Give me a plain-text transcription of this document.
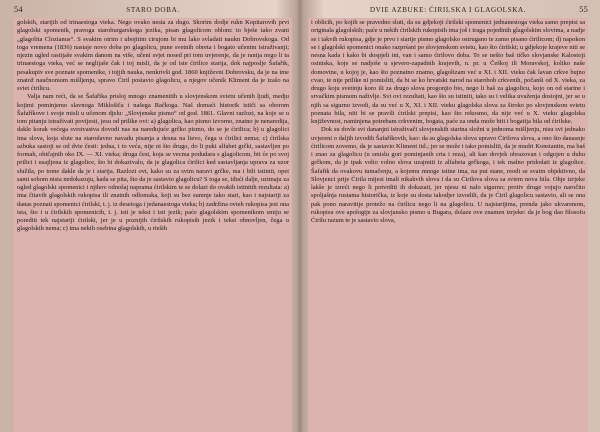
54	STARO DOBA.

golskih, starijih od trinaestoga vieka. Nego ovako nesta za dugo. Skorim dodje rukn Kopitarovih prvi glagolski spomenik, pravoga staroburgarskoga jezika, pisan glagolicom oblom: to bješe tako zvani „glagolita Clozianus“. S svakim otrim i ubojitim cirujom bi mu lako svladati naukn Dobrovskoga. Od toga vremena (1836) nastaje novo doba po glagolicu, pune svetnih obreta i bogato učenim istraživanji; njezin ugled rastijaše svakim danom na više, učeni svjet nosed pri tom uvjerenje, da je ranija nego li ta trinaestoga vieka, već se neglijaše čak i toj misli, da je od iste ćirilice starija, dok najposlje Šafařik, pesakupiv sve poznate spomenike, i tojjih nauka, nenkrivši god. 1860 književni Dobrovsku, da je na ime znatož naučnomom mišljenju, spravo Ćiril postavio glagolicu, a njegov učenik Kliment da je izašo na sviet ćirilicu.

Valja nam reći, da se Šafařika prisloj mnogo znamenitih u slovjenskom svietu učenih ljudi, medju kojimi pominjemo slavnoga Miklošiča i našega Račkoga. Naš domaći historik ističi sa oborom Šafaříkove i svoje misli u učenom djelu: „Slovjenske pismo“ od god. 1861. Glavni razlozi, na koje se u tom pitanju istraživati povijesti, jesu od prilike ovi: a) glagolica, kao pismo izvorno, znatno je nenaredija, dakle korak većega svrstvastva dovodi nas na naređujuće grčko pismo, do se je ćirilica; b) u glagolici ima slova, koja slute na starodavno navadu pisanja a desna na lievo, čega u ćirilici nema; c) ćirilska azbuka sastoji se od dvie česti: jedna, i to veća, nije ni što drugo, do li puki alfabet grčki, sastavljen po formah, običajnih oko IX. — XI. vieka; druga čest, koja se vecma podudara s glagolicom, bit će po svoj prilici i usajljena iz glagolice, što bi dokazivalo, da je glagolica ćirilici ked sastavljanja uprava za uzor služila, po tome dakle da je i starija. Razlozi ovi, kako su za svim naravi grčke, ma i bili istiniti, opet sami sobom nista nedokazuju, kada se pita, što da je sastavio glagolicu? S toga se, iđući dalje, uzimaju za ogled glagolski spomenici i njihov odnošaj naprama ćirilskim te se dolazi do ovakih istinitih rezultata: a) ima čitavih glagolskih rukopisa ili znatnih odlomaka, koji su bez sumnje tako stari, kao i najstariji za danas poznati spomenici ćirilski, t. j. iz desetoga i jedanaestoga vieka; b) zadržina ovieh rukopisa jest ona ista, što i u ćirilskih spomenicih, t. j. isti je tekst i isti jezik; paće glagolskim spomenikom smiju se porediti tek najstariji ćirilski, jer je u poznijih ćirilskih rukopisih jezik i tekst obnovljen, čega u glagolskih nema; c) ima nekih osebina glagolskih, u rieših

DVIE AZBUKE: ĆIRILSKA I GLAGOLSKA.	55

i oblicih, po kojih se pravedno sluti, da su gdjekoji ćirilski spomenici jednanestoga vieka samo prepisi sa originala glagolskih; paće u nekih ćirilskih rukopisih ima još i traga pojedinih glagolskim slovima, a nadje se i takvih rukopisa, gdje je prvo i starije pismo glagolsko ostrugano te zamo pisano ćirilicom; d) napokon se i glagolski spomenici onako razprśani po slovjenskom svietu, kao što ćirilski; u gdjekoje krajeve niti se nesna kada i kako bi dospjeli ini, van i samo ćirilovo doba. To se nešto baš tičko slovjanske Kalostoji osiniska, koje se nadjoše u sjevero-zapadnih krajevih, n. pr. u Češkoj ili Moravskoj, koliko naše domovine, u kojoj je, kao što poznatno znamo, glagolizam već u XI. i XII. vieku čak lavan crkve bujno cvao, te nije prilike ni pomisliti, da bi se ko hrvatski narod na staroboh crkvenih, počanši od X. vieka, za drugo koju svetinju koro ili za drugo slova progonjio bio, nego li baš za glagolicu, kojo on od starine i srvačkim pismom naživlje. Svi ovi rezultati, kao što su istiniti, tako su i velika uvaženja dostojni, jer se u njih sa sigurno izvodi, da su već u X, XI. i XII. vieku glagolska slova za široko po slovjenskom svietu poznata bila, niti bi se pravili ćirilski prepisi, kao što rekosmo, da nije već u X. vieku glagolska književnost, naminjena potrebam crkvenim, bogata, paće za onda može biti i bogatija bila od ćirilske.

Dok su dovle svi dananjni istraživači slovjenskih starina složni u jednoma mišljenju, nisu svi jednako uvjereni o daljih izvodih Šafaříkovih, kao: da su glagolska slova upravo Ćirilova slova, a ono što danasnje ćirilicom zovemo, da je sastavio Kliment itd.; jer se može i tako pomisliti, da je mudri Konstantin, ma baš i znao za glagolicu (u smislu gori pominjanih crta i reza), ali kao dovjek obrazovan i odgojen u duhu grčkom, da je tpak volio volno slova uzajmiti iz alfabeta grčkoga, i tek malno pridodati iz glagolice. Šafařik da ovakovu tumačenju, a kojemu mnoge istine ima, na put stane, reodi se svaim objektivno, da Slovjenci prije Ćirila mijesi imali nikakvih slova i da su Ćirilova slova sa sviem nova bila. Ohje izrjeke lakše je izreći nego li potvrditi ih dokazati, jer njesu ni nalo sigurno; protiv druge vojujo naročito spoljašnja rustama historička, iz koje su dosta takodjer izvodili, da je Ćiril glagolicu sastavio, ali se ona pak pono naravitije protežo na ćirilicu nego li na glagolicu. U najstarijima, prenda jako ukvarenom, rukopisu ove apologije za slovjansko pismo u Bugara, dolaze ove znamen izrjeke: da je bog dao filosofu Ćirilu razum te je sastavio slova,
